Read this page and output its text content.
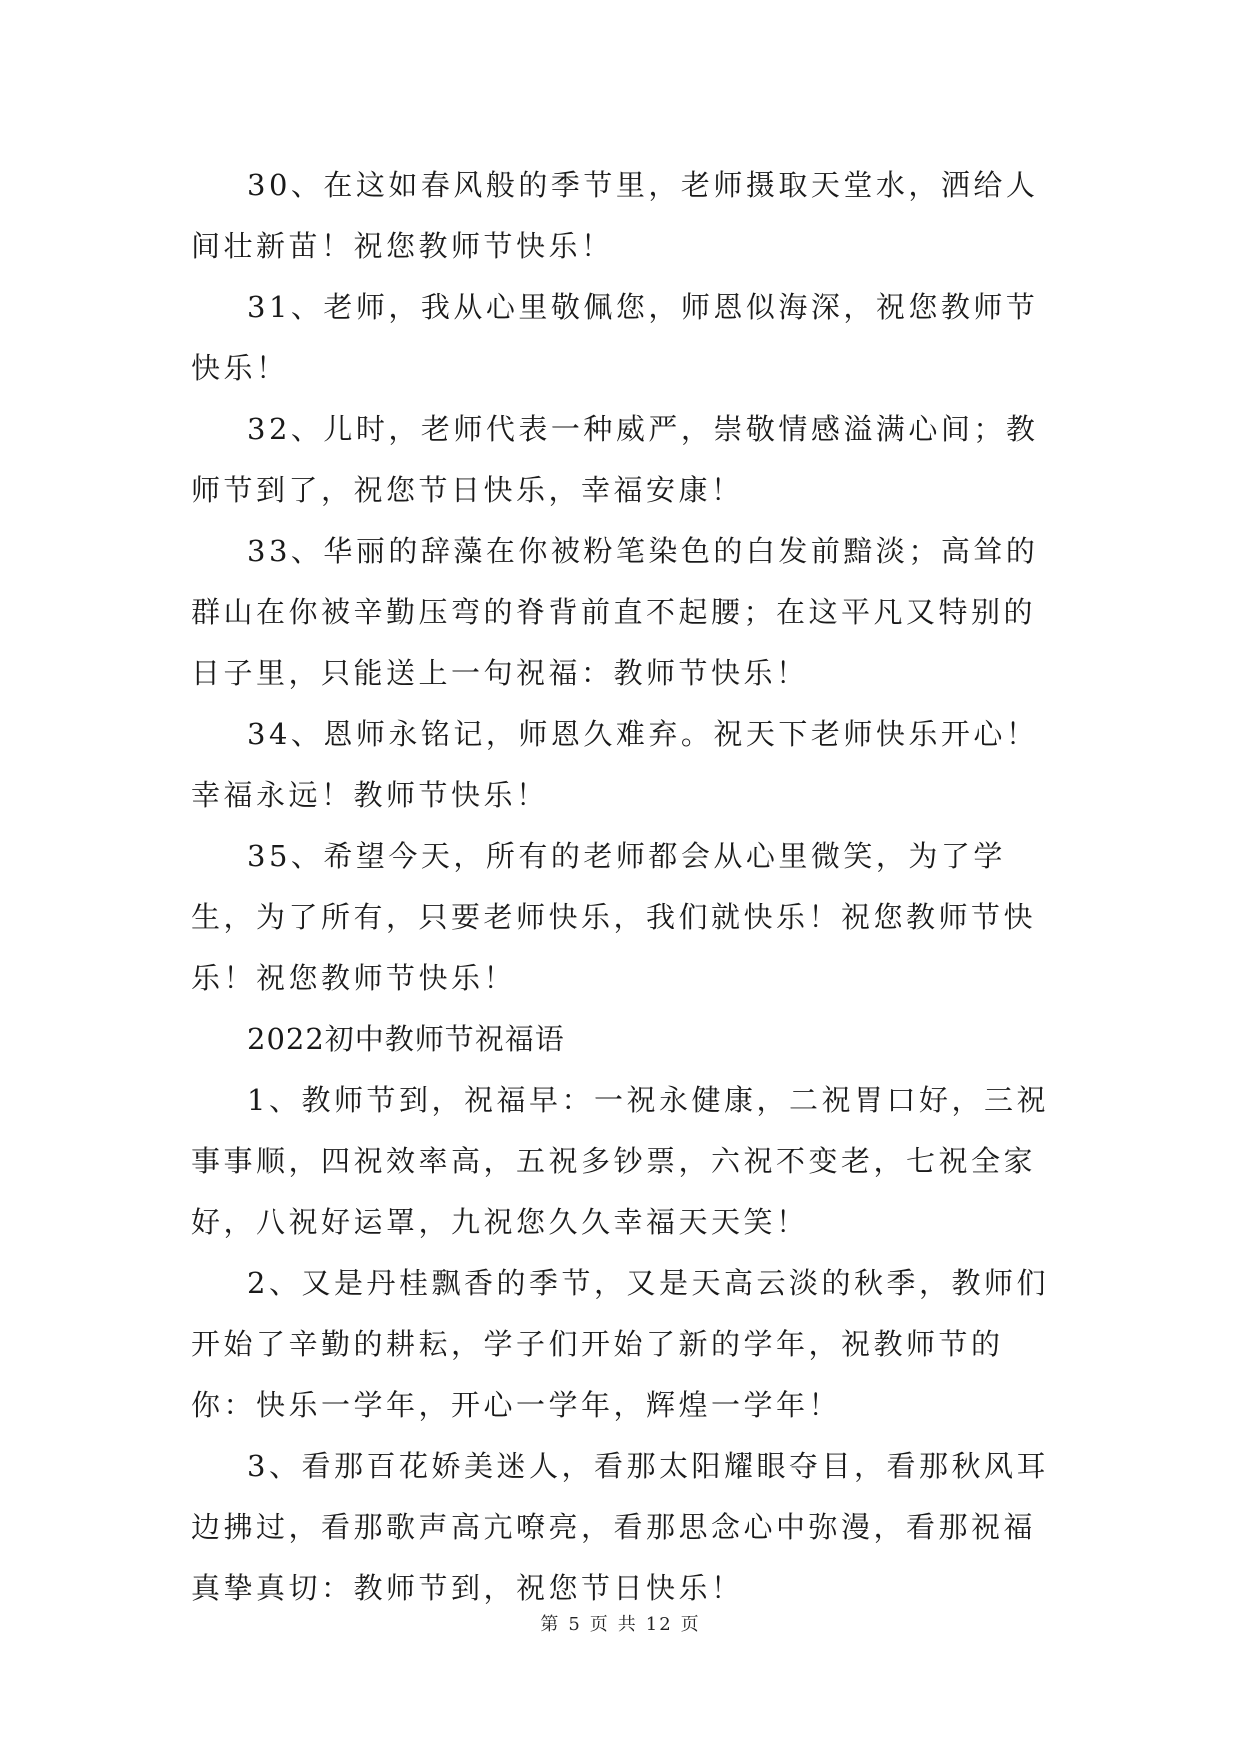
30、在这如春风般的季节里，老师摄取天堂水，洒给人间壮新苗！祝您教师节快乐！

31、老师，我从心里敬佩您，师恩似海深，祝您教师节快乐！

32、儿时，老师代表一种威严，崇敬情感溢满心间；教师节到了，祝您节日快乐，幸福安康！

33、华丽的辞藻在你被粉笔染色的白发前黯淡；高耸的群山在你被辛勤压弯的脊背前直不起腰；在这平凡又特别的日子里，只能送上一句祝福：教师节快乐！

34、恩师永铭记，师恩久难弃。祝天下老师快乐开心！幸福永远！教师节快乐！

35、希望今天，所有的老师都会从心里微笑，为了学生，为了所有，只要老师快乐，我们就快乐！祝您教师节快乐！祝您教师节快乐！

2022初中教师节祝福语

1、教师节到，祝福早：一祝永健康，二祝胃口好，三祝事事顺，四祝效率高，五祝多钞票，六祝不变老，七祝全家好，八祝好运罩，九祝您久久幸福天天笑！

2、又是丹桂飘香的季节，又是天高云淡的秋季，教师们开始了辛勤的耕耘，学子们开始了新的学年，祝教师节的你：快乐一学年，开心一学年，辉煌一学年！

3、看那百花娇美迷人，看那太阳耀眼夺目，看那秋风耳边拂过，看那歌声高亢嘹亮，看那思念心中弥漫，看那祝福真挚真切：教师节到，祝您节日快乐！

第 5 页 共 12 页
